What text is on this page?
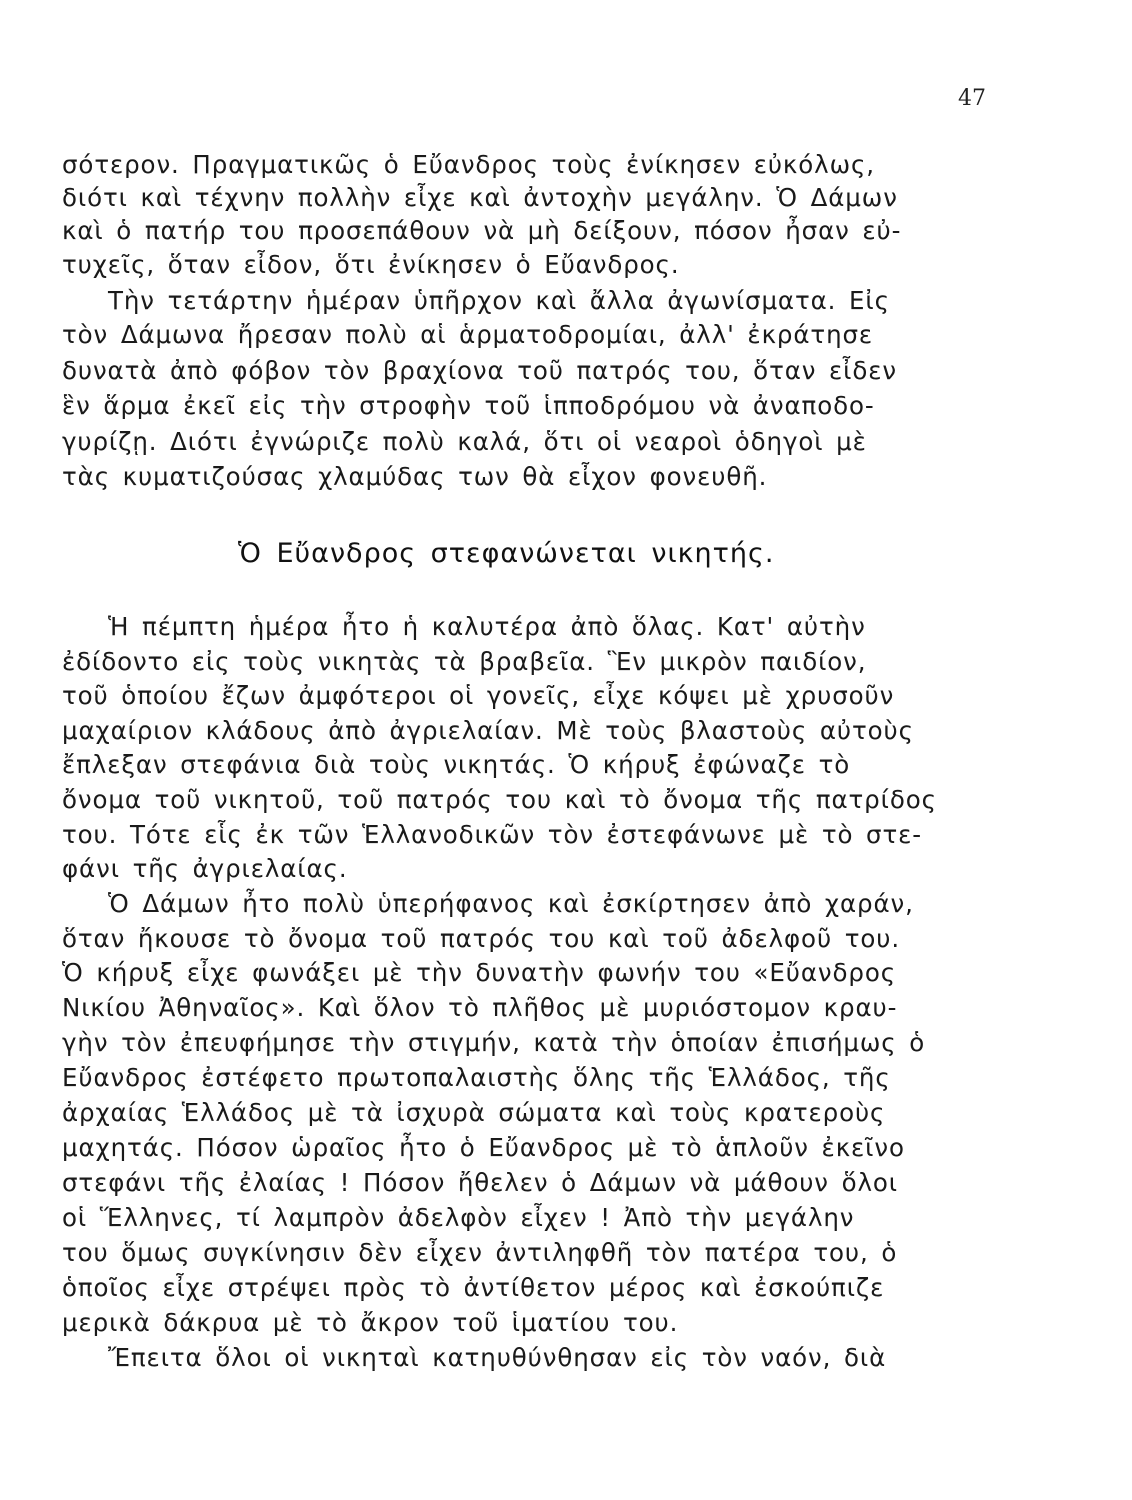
47
σότερον. Πραγματικῶς ὁ Εὔανδρος τοὺς ἐνίκησεν εὐκόλως,
διότι καὶ τέχνην πολλὴν εἶχε καὶ ἀντοχὴν μεγάλην. Ὁ Δάμων
καὶ ὁ πατήρ του προσεπάθουν νὰ μὴ δείξουν, πόσον ἦσαν εὐ-
τυχεῖς, ὅταν εἶδον, ὅτι ἐνίκησεν ὁ Εὔανδρος.
Τὴν τετάρτην ἡμέραν ὑπῆρχον καὶ ἄλλα ἀγωνίσματα. Εἰς
τὸν Δάμωνα ἤρεσαν πολὺ αἱ ἁρματοδρομίαι, ἀλλ' ἐκράτησε
δυνατὰ ἀπὸ φόβον τὸν βραχίονα τοῦ πατρός του, ὅταν εἶδεν
ἓν ἅρμα ἐκεῖ εἰς τὴν στροφὴν τοῦ ἱπποδρόμου νὰ ἀναποδο-
γυρίζῃ. Διότι ἐγνώριζε πολὺ καλά, ὅτι οἱ νεαροὶ ὁδηγοὶ μὲ
τὰς κυματιζούσας χλαμύδας των θὰ εἶχον φονευθῆ.
Ὁ Εὔανδρος στεφανώνεται νικητής.
Ἡ πέμπτη ἡμέρα ἦτο ἡ καλυτέρα ἀπὸ ὅλας. Κατ' αὐτὴν
ἐδίδοντο εἰς τοὺς νικητὰς τὰ βραβεῖα. Ἓν μικρὸν παιδίον,
τοῦ ὁποίου ἔζων ἀμφότεροι οἱ γονεῖς, εἶχε κόψει μὲ χρυσοῦν
μαχαίριον κλάδους ἀπὸ ἀγριελαίαν. Μὲ τοὺς βλαστοὺς αὐτοὺς
ἔπλεξαν στεφάνια διὰ τοὺς νικητάς. Ὁ κήρυξ ἐφώναζε τὸ
ὄνομα τοῦ νικητοῦ, τοῦ πατρός του καὶ τὸ ὄνομα τῆς πατρίδος
του. Τότε εἷς ἐκ τῶν Ἑλλανοδικῶν τὸν ἐστεφάνωνε μὲ τὸ στε-
φάνι τῆς ἀγριελαίας.
Ὁ Δάμων ἦτο πολὺ ὑπερήφανος καὶ ἐσκίρτησεν ἀπὸ χαράν,
ὅταν ἤκουσε τὸ ὄνομα τοῦ πατρός του καὶ τοῦ ἀδελφοῦ του.
Ὁ κήρυξ εἶχε φωνάξει μὲ τὴν δυνατὴν φωνήν του «Εὔανδρος
Νικίου Ἀθηναῖος». Καὶ ὅλον τὸ πλῆθος μὲ μυριόστομον κραυ-
γὴν τὸν ἐπευφήμησε τὴν στιγμήν, κατὰ τὴν ὁποίαν ἐπισήμως ὁ
Εὔανδρος ἐστέφετο πρωτοπαλαιστὴς ὅλης τῆς Ἑλλάδος, τῆς
ἀρχαίας Ἑλλάδος μὲ τὰ ἰσχυρὰ σώματα καὶ τοὺς κρατεροὺς
μαχητάς. Πόσον ὡραῖος ἦτο ὁ Εὔανδρος μὲ τὸ ἁπλοῦν ἐκεῖνο
στεφάνι τῆς ἐλαίας ! Πόσον ἤθελεν ὁ Δάμων νὰ μάθουν ὅλοι
οἱ Ἕλληνες, τί λαμπρὸν ἀδελφὸν εἶχεν ! Ἀπὸ τὴν μεγάλην
του ὅμως συγκίνησιν δὲν εἶχεν ἀντιληφθῆ τὸν πατέρα του, ὁ
ὁποῖος εἶχε στρέψει πρὸς τὸ ἀντίθετον μέρος καὶ ἐσκούπιζε
μερικὰ δάκρυα μὲ τὸ ἄκρον τοῦ ἱματίου του.
Ἔπειτα ὅλοι οἱ νικηταὶ κατηυθύνθησαν εἰς τὸν ναόν, διὰ
